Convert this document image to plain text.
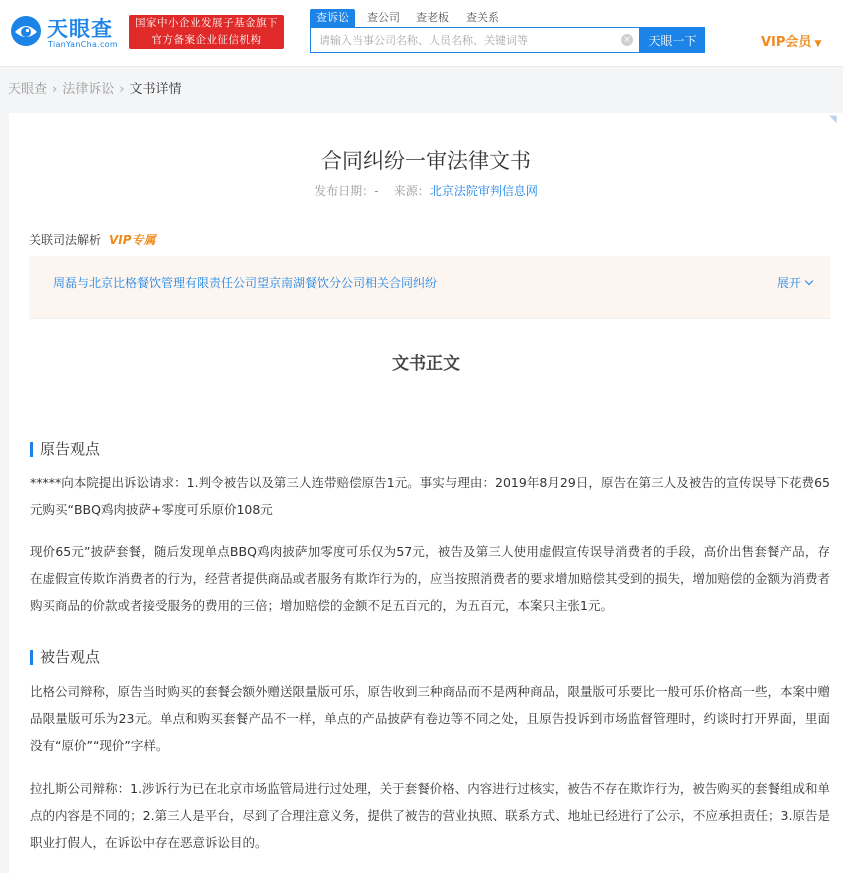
天眼查
TianYanCha.com
国家中小企业发展子基金旗下
官方备案企业征信机构
查诉讼	查公司 查老板 查关系
请输入当事公司名称、人员名称、关键词等
×	天眼一下	VIP会员 ▼
天眼查 › 法律诉讼 › 文书详情
◥
合同纠纷一审法律文书
发布日期：- 来源：北京法院审判信息网
关联司法解析 VIP专属
周磊与北京比格餐饮管理有限责任公司望京南湖餐饮分公司相关合同纠纷	展开
文书正文
原告观点
*****向本院提出诉讼请求：1.判令被告以及第三人连带赔偿原告1元。事实与理由：2019年8月29日，原告在第三人及被告的宣传误导下花费65元购买“BBQ鸡肉披萨+零度可乐原价108元
现价65元”披萨套餐，随后发现单点BBQ鸡肉披萨加零度可乐仅为57元，被告及第三人使用虚假宣传误导消费者的手段，高价出售套餐产品，存在虚假宣传欺诈消费者的行为，经营者提供商品或者服务有欺诈行为的，应当按照消费者的要求增加赔偿其受到的损失，增加赔偿的金额为消费者购买商品的价款或者接受服务的费用的三倍；增加赔偿的金额不足五百元的，为五百元，本案只主张1元。
被告观点
比格公司辩称，原告当时购买的套餐会额外赠送限量版可乐，原告收到三种商品而不是两种商品，限量版可乐要比一般可乐价格高一些，本案中赠品限量版可乐为23元。单点和购买套餐产品不一样，单点的产品披萨有卷边等不同之处，且原告投诉到市场监督管理时，约谈时打开界面，里面没有“原价”“现价”字样。
拉扎斯公司辩称：1.涉诉行为已在北京市场监管局进行过处理，关于套餐价格、内容进行过核实，被告不存在欺诈行为，被告购买的套餐组成和单点的内容是不同的；2.第三人是平台，尽到了合理注意义务，提供了被告的营业执照、联系方式、地址已经进行了公示，不应承担责任；3.原告是职业打假人，在诉讼中存在恶意诉讼目的。
